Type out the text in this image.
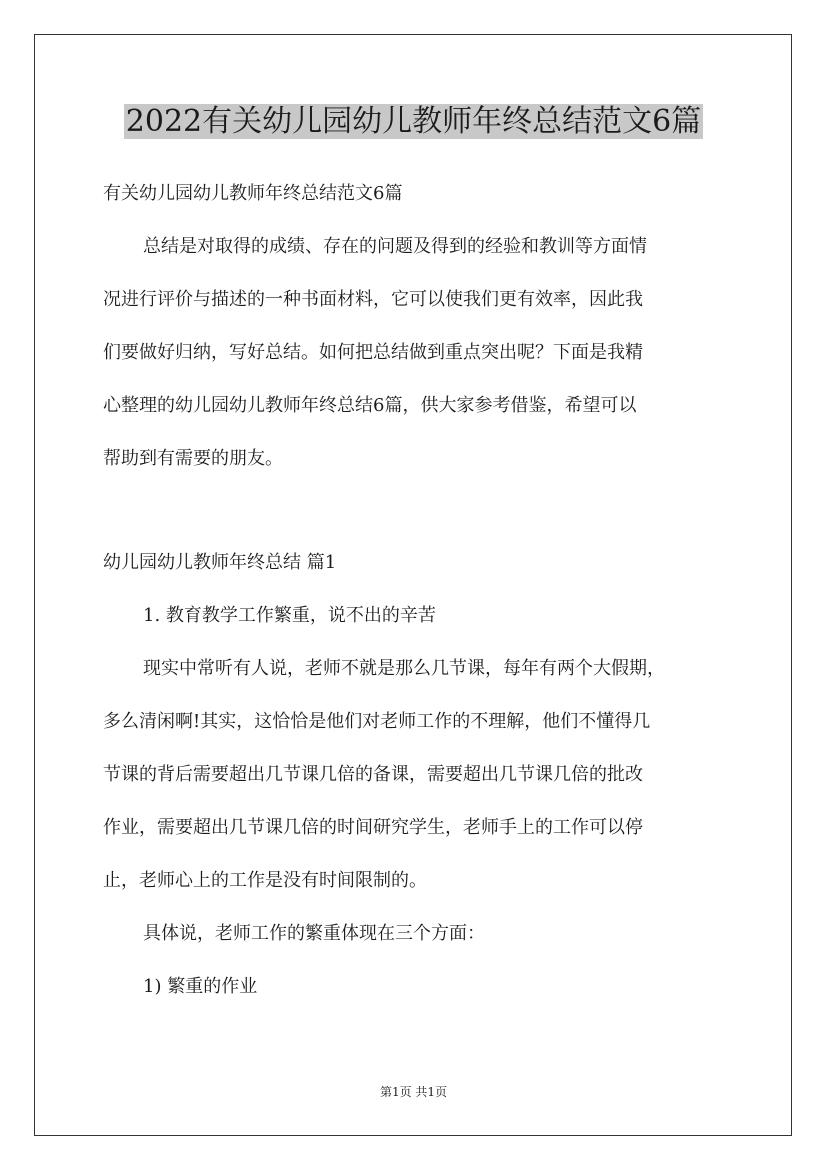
2022有关幼儿园幼儿教师年终总结范文6篇
有关幼儿园幼儿教师年终总结范文6篇
总结是对取得的成绩、存在的问题及得到的经验和教训等方面情
况进行评价与描述的一种书面材料，它可以使我们更有效率，因此我
们要做好归纳，写好总结。如何把总结做到重点突出呢？下面是我精
心整理的幼儿园幼儿教师年终总结6篇，供大家参考借鉴，希望可以
帮助到有需要的朋友。
幼儿园幼儿教师年终总结 篇1
1. 教育教学工作繁重，说不出的辛苦
现实中常听有人说，老师不就是那么几节课，每年有两个大假期，
多么清闲啊!其实，这恰恰是他们对老师工作的不理解，他们不懂得几
节课的背后需要超出几节课几倍的备课，需要超出几节课几倍的批改
作业，需要超出几节课几倍的时间研究学生，老师手上的工作可以停
止，老师心上的工作是没有时间限制的。
具体说，老师工作的繁重体现在三个方面：
1) 繁重的作业
第1页 共1页
